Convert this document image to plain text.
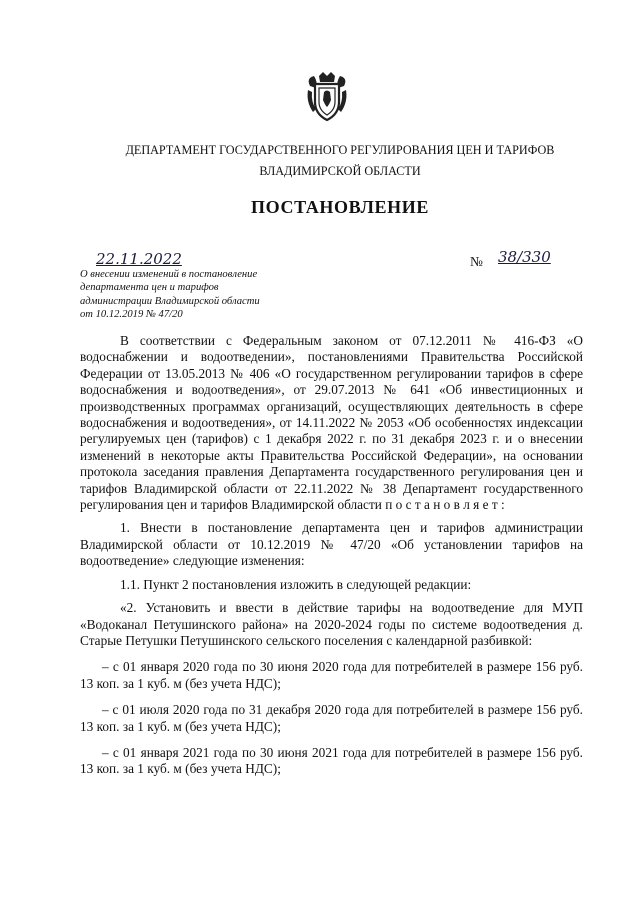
ДЕПАРТАМЕНТ ГОСУДАРСТВЕННОГО РЕГУЛИРОВАНИЯ ЦЕН И ТАРИФОВ
ВЛАДИМИРСКОЙ ОБЛАСТИ
ПОСТАНОВЛЕНИЕ
22.11.2022	№ 38/330
О внесении изменений в постановление
департамента цен и тарифов
администрации Владимирской области
от 10.12.2019 № 47/20

В соответствии с Федеральным законом от 07.12.2011 № 416-ФЗ «О водоснабжении и водоотведении», постановлениями Правительства Российской Федерации от 13.05.2013 № 406 «О государственном регулировании тарифов в сфере водоснабжения и водоотведения», от 29.07.2013 № 641 «Об инвестиционных и производственных программах организаций, осуществляющих деятельность в сфере водоснабжения и водоотведения», от 14.11.2022 № 2053 «Об особенностях индексации регулируемых цен (тарифов) с 1 декабря 2022 г. по 31 декабря 2023 г. и о внесении изменений в некоторые акты Правительства Российской Федерации», на основании протокола заседания правления Департамента государственного регулирования цен и тарифов Владимирской области от 22.11.2022 № 38 Департамент государственного регулирования цен и тарифов Владимирской области п о с т а н о в л я е т :

1. Внести в постановление департамента цен и тарифов администрации Владимирской области от 10.12.2019 № 47/20 «Об установлении тарифов на водоотведение» следующие изменения:

1.1. Пункт 2 постановления изложить в следующей редакции:

«2. Установить и ввести в действие тарифы на водоотведение для МУП «Водоканал Петушинского района» на 2020-2024 годы по системе водоотведения д. Старые Петушки Петушинского сельского поселения с календарной разбивкой:

– с 01 января 2020 года по 30 июня 2020 года для потребителей в размере 156 руб. 13 коп. за 1 куб. м (без учета НДС);

– с 01 июля 2020 года по 31 декабря 2020 года для потребителей в размере 156 руб. 13 коп. за 1 куб. м (без учета НДС);

– с 01 января 2021 года по 30 июня 2021 года для потребителей в размере 156 руб. 13 коп. за 1 куб. м (без учета НДС);
